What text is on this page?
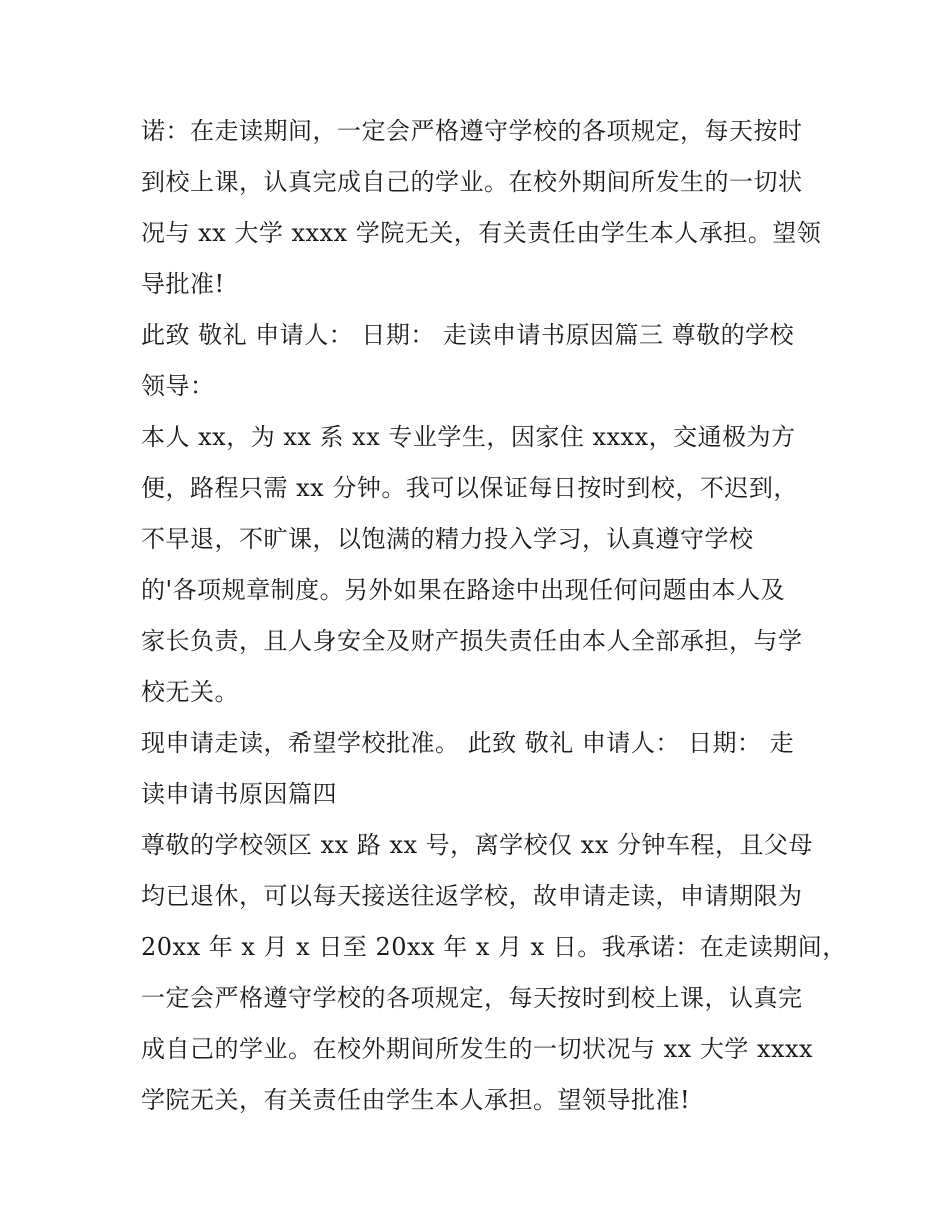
诺：在走读期间，一定会严格遵守学校的各项规定，每天按时
到校上课，认真完成自己的学业。在校外期间所发生的一切状
况与 xx 大学 xxxx 学院无关，有关责任由学生本人承担。望领
导批准!
此致 敬礼 申请人： 日期： 走读申请书原因篇三 尊敬的学校
领导：
本人 xx，为 xx 系 xx 专业学生，因家住 xxxx，交通极为方
便，路程只需 xx 分钟。我可以保证每日按时到校，不迟到，
不早退，不旷课，以饱满的精力投入学习，认真遵守学校
的'各项规章制度。另外如果在路途中出现任何问题由本人及
家长负责，且人身安全及财产损失责任由本人全部承担，与学
校无关。
现申请走读，希望学校批准。 此致 敬礼 申请人： 日期： 走
读申请书原因篇四
尊敬的学校领区 xx 路 xx 号，离学校仅 xx 分钟车程，且父母
均已退休，可以每天接送往返学校，故申请走读，申请期限为
20xx 年 x 月 x 日至 20xx 年 x 月 x 日。我承诺：在走读期间，
一定会严格遵守学校的各项规定，每天按时到校上课，认真完
成自己的学业。在校外期间所发生的一切状况与 xx 大学 xxxx
学院无关，有关责任由学生本人承担。望领导批准!
